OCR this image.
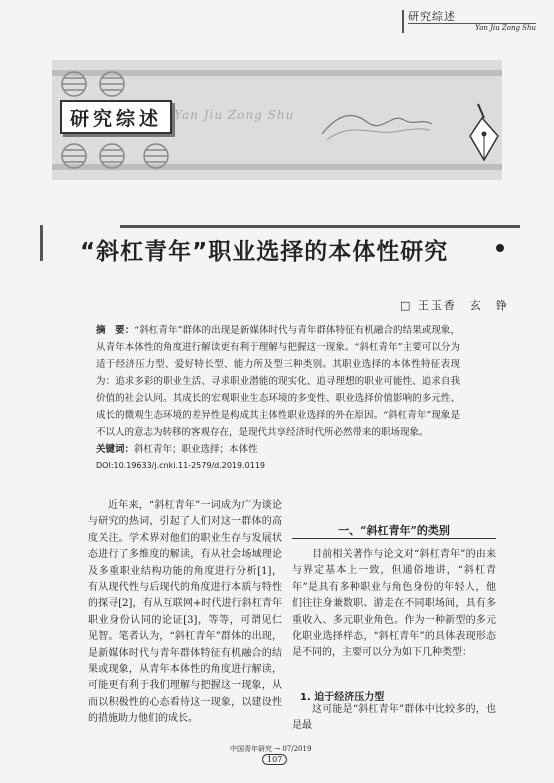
研究综述
Yan Jiu Zong Shu
研究综述	Yan Jiu Zong Shu
“斜杠青年”职业选择的本体性研究
□ 王玉香　玄　铮
摘　要：“斜杠青年”群体的出现是新媒体时代与青年群体特征有机融合的结果或现象，从青年本体性的角度进行解读更有利于理解与把握这一现象。“斜杠青年”主要可以分为适于经济压力型、爱好特长型、能力所及型三种类别。其职业选择的本体性特征表现为：追求多彩的职业生活、寻求职业潜能的现实化、追寻理想的职业可能性、追求自我价值的社会认同。其成长的宏观职业生态环境的多变性、职业选择价值影响的多元性、成长的微观生态环境的差异性是构成其主体性职业选择的外在原因。“斜杠青年”现象是不以人的意志为转移的客观存在，是现代共享经济时代所必然带来的职场现象。
关键词：斜杠青年；职业选择；本体性
DOI:10.19633/j.cnki.11-2579/d.2019.0119
近年来，“斜杠青年”一词成为广为谈论与研究的热词，引起了人们对这一群体的高度关注。学术界对他们的职业生存与发展状态进行了多维度的解读，有从社会场域理论及多重职业结构功能的角度进行分析[1]，有从现代性与后现代的角度进行本质与特性的探寻[2]，有从互联网+时代进行斜杠青年职业身份认同的论证[3]，等等，可谓见仁见智。笔者认为，“斜杠青年”群体的出现，是新媒体时代与青年群体特征有机融合的结果或现象，从青年本体性的角度进行解读，可能更有利于我们理解与把握这一现象，从而以积极性的心态看待这一现象，以建设性的措施助力他们的成长。
一、“斜杠青年”的类别
目前相关著作与论文对“斜杠青年”的由来与界定基本上一致，但通俗地讲，“斜杠青年”是具有多种职业与角色身份的年轻人，他们往往身兼数职、游走在不同职场间，具有多重收入、多元职业角色。作为一种新型的多元化职业选择样态，“斜杠青年”的具体表现形态是不同的，主要可以分为如下几种类型：
1. 迫于经济压力型
这可能是“斜杠青年”群体中比较多的，也是最
中国青年研究 → 07/2019
107
